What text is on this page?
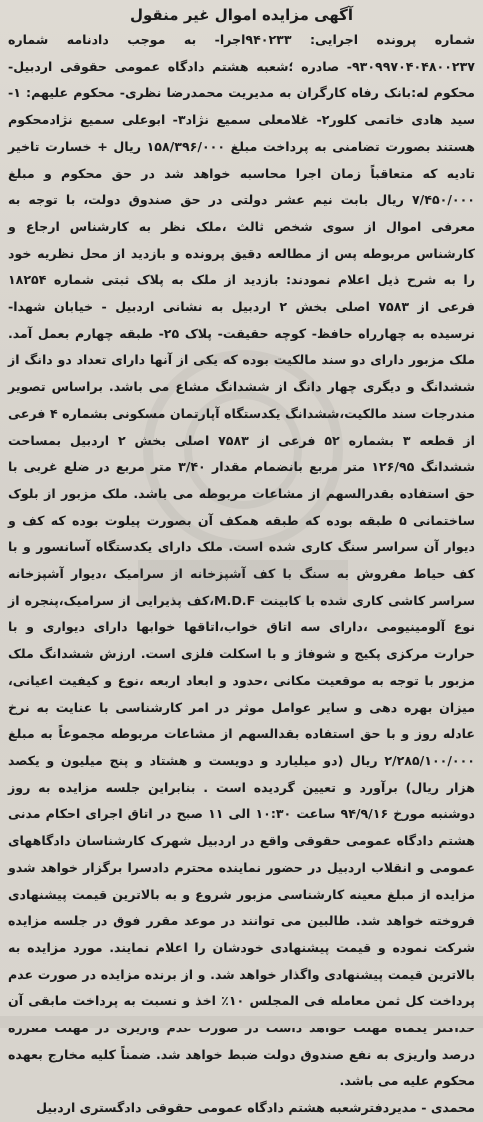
آگهی مزایده اموال غیر منقول
شماره پرونده اجرایی: ۹۴۰۲۳۳اجرا- به موجب دادنامه شماره ۹۳۰۹۹۷۰۴۰۴۸۰۰۲۳۷- صادره ؛شعبه هشتم دادگاه عمومی حقوقی اردبیل- محکوم له:بانک رفاه کارگران به مدیریت محمدرضا نظری- محکوم علیهم: ۱- سید هادی خاتمی کلور۲- غلامعلی سمیع نژاد۳- ابوعلی سمیع نژادمحکوم هستند بصورت تضامنی به پرداخت مبلغ ۱۵۸/۳۹۶/۰۰۰ ریال + خسارت تاخیر تادیه که متعاقباً زمان اجرا محاسبه خواهد شد در حق محکوم و مبلغ ۷/۴۵۰/۰۰۰ ریال بابت نیم عشر دولتی در حق صندوق دولت، با توجه به معرفی اموال از سوی شخص ثالث ،ملک نظر به کارشناس ارجاع و کارشناس مربوطه پس از مطالعه دقیق پرونده و بازدید از محل نظریه خود را به شرح ذیل اعلام نمودند: بازدید از ملک به پلاک ثبتی شماره ۱۸۲۵۴ فرعی از ۷۵۸۳ اصلی بخش ۲ اردبیل به نشانی اردبیل - خیابان شهدا- نرسیده به چهارراه حافظ- کوچه حقیقت- پلاک ۲۵- طبقه چهارم بعمل آمد. ملک مزبور دارای دو سند مالکیت بوده که یکی از آنها دارای تعداد دو دانگ از ششدانگ و دیگری چهار دانگ از ششدانگ مشاع می باشد. براساس تصویر مندرجات سند مالکیت،ششدانگ یکدستگاه آپارتمان مسکونی بشماره ۴ فرعی از قطعه ۳ بشماره ۵۲ فرعی از ۷۵۸۳ اصلی بخش ۲ اردبیل بمساحت ششدانگ ۱۲۶/۹۵ متر مربع بانضمام مقدار ۳/۴۰ متر مربع در ضلع غربی با حق استفاده بقدرالسهم از مشاعات مربوطه می باشد. ملک مزبور از بلوک ساختمانی ۵ طبقه بوده که طبقه همکف آن بصورت پیلوت بوده که کف و دیوار آن سراسر سنگ کاری شده است. ملک دارای یکدستگاه آسانسور و با کف حیاط مفروش به سنگ با کف آشپزخانه از سرامیک ،دیوار آشپزخانه سراسر کاشی کاری شده با کابینت M.D.F،کف پذیرایی از سرامیک،پنجره از نوع آلومینیومی ،دارای سه اتاق خواب،اتاقها خوابها دارای دیواری و با حرارت مرکزی پکیج و شوفاژ و با اسکلت فلزی است. ارزش ششدانگ ملک مزبور با توجه به موقعیت مکانی ،حدود و ابعاد اربعه ،نوع و کیفیت اعیانی، میزان بهره دهی و سایر عوامل موثر در امر کارشناسی با عنایت به نرخ عادله روز و با حق استفاده بقدالسهم از مشاعات مربوطه مجموعاً به مبلغ ۲/۲۸۵/۱۰۰/۰۰۰ ریال (دو میلیارد و دویست و هشتاد و پنج میلیون و یکصد هزار ریال) برآورد و تعیین گردیده است . بنابراین جلسه مزایده به روز دوشنبه مورخ ۹۴/۹/۱۶ ساعت ۱۰:۳۰ الی ۱۱ صبح در اتاق اجرای احکام مدنی هشتم دادگاه عمومی حقوقی واقع در اردبیل شهرک کارشناسان دادگاههای عمومی و انقلاب اردبیل در حضور نماینده محترم دادسرا برگزار خواهد شدو مزایده از مبلغ معینه کارشناسی مزبور شروع و به بالاترین قیمت پیشنهادی فروخته خواهد شد. طالبین می توانند در موعد مقرر فوق در جلسه مزایده شرکت نموده و قیمت پیشنهادی خودشان را اعلام نمایند. مورد مزایده به بالاترین قیمت پیشنهادی واگذار خواهد شد. و از برنده مزایده در صورت عدم پرداخت کل ثمن معامله فی المجلس ۱۰٪ اخذ و نسبت به پرداخت مابقی آن درصد واریزی به نفع صندوق دولت ضبط خواهد شد. ضمناً کلیه مخارج بعهده محکوم علیه می باشد.
محمدی - مدیردفترشعبه هشتم دادگاه عمومی حقوقی دادگستری اردبیل
